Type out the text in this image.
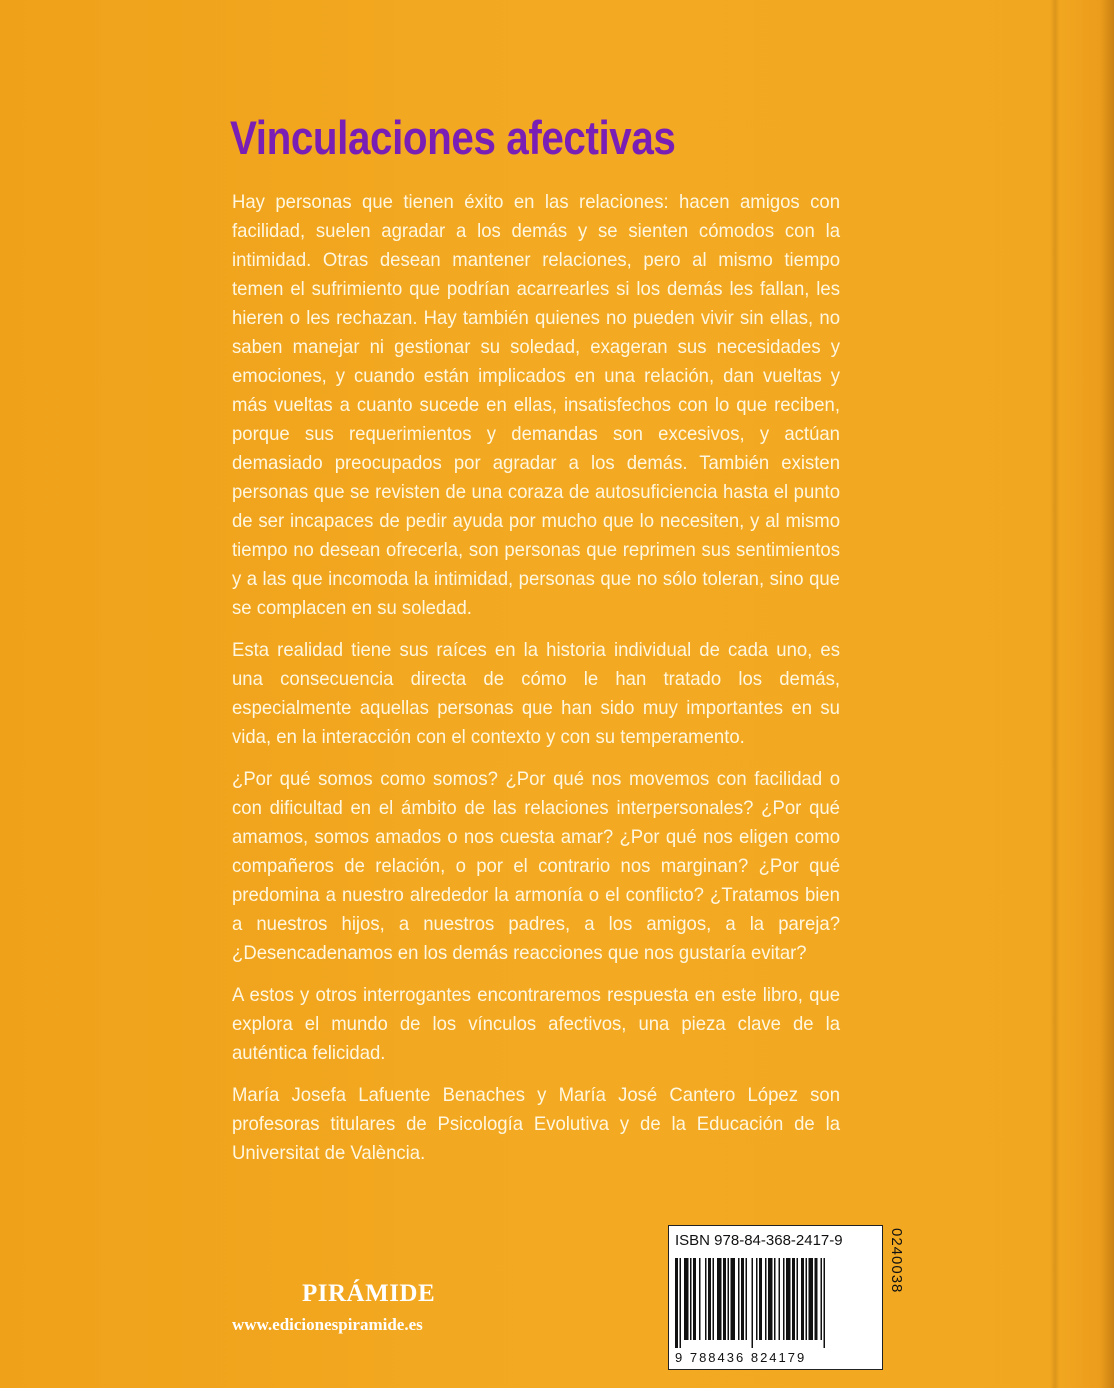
Vinculaciones afectivas

Hay personas que tienen éxito en las relaciones: hacen amigos con facilidad, suelen agradar a los demás y se sienten cómodos con la intimidad. Otras desean mantener relaciones, pero al mismo tiempo temen el sufrimiento que podrían acarrearles si los demás les fallan, les hieren o les rechazan. Hay también quienes no pueden vivir sin ellas, no saben manejar ni gestionar su soledad, exageran sus necesidades y emociones, y cuando están implicados en una relación, dan vueltas y más vueltas a cuanto sucede en ellas, insatisfechos con lo que reciben, porque sus requerimientos y demandas son excesivos, y actúan demasiado preocupados por agradar a los demás. También existen personas que se revisten de una coraza de autosuficiencia hasta el punto de ser incapaces de pedir ayuda por mucho que lo necesiten, y al mismo tiempo no desean ofrecerla, son personas que reprimen sus sentimientos y a las que incomoda la intimidad, personas que no sólo toleran, sino que se complacen en su soledad.

Esta realidad tiene sus raíces en la historia individual de cada uno, es una consecuencia directa de cómo le han tratado los demás, especialmente aquellas personas que han sido muy importantes en su vida, en la interacción con el contexto y con su temperamento.

¿Por qué somos como somos? ¿Por qué nos movemos con facilidad o con dificultad en el ámbito de las relaciones interpersonales? ¿Por qué amamos, somos amados o nos cuesta amar? ¿Por qué nos eligen como compañeros de relación, o por el contrario nos marginan? ¿Por qué predomina a nuestro alrededor la armonía o el conflicto? ¿Tratamos bien a nuestros hijos, a nuestros padres, a los amigos, a la pareja? ¿Desencadenamos en los demás reacciones que nos gustaría evitar?

A estos y otros interrogantes encontraremos respuesta en este libro, que explora el mundo de los vínculos afectivos, una pieza clave de la auténtica felicidad.

María Josefa Lafuente Benaches y María José Cantero López son profesoras titulares de Psicología Evolutiva y de la Educación de la Universitat de València.

PIRÁMIDE
www.edicionespiramide.es
ISBN 978-84-368-2417-9
9 788436 824179
0240038
